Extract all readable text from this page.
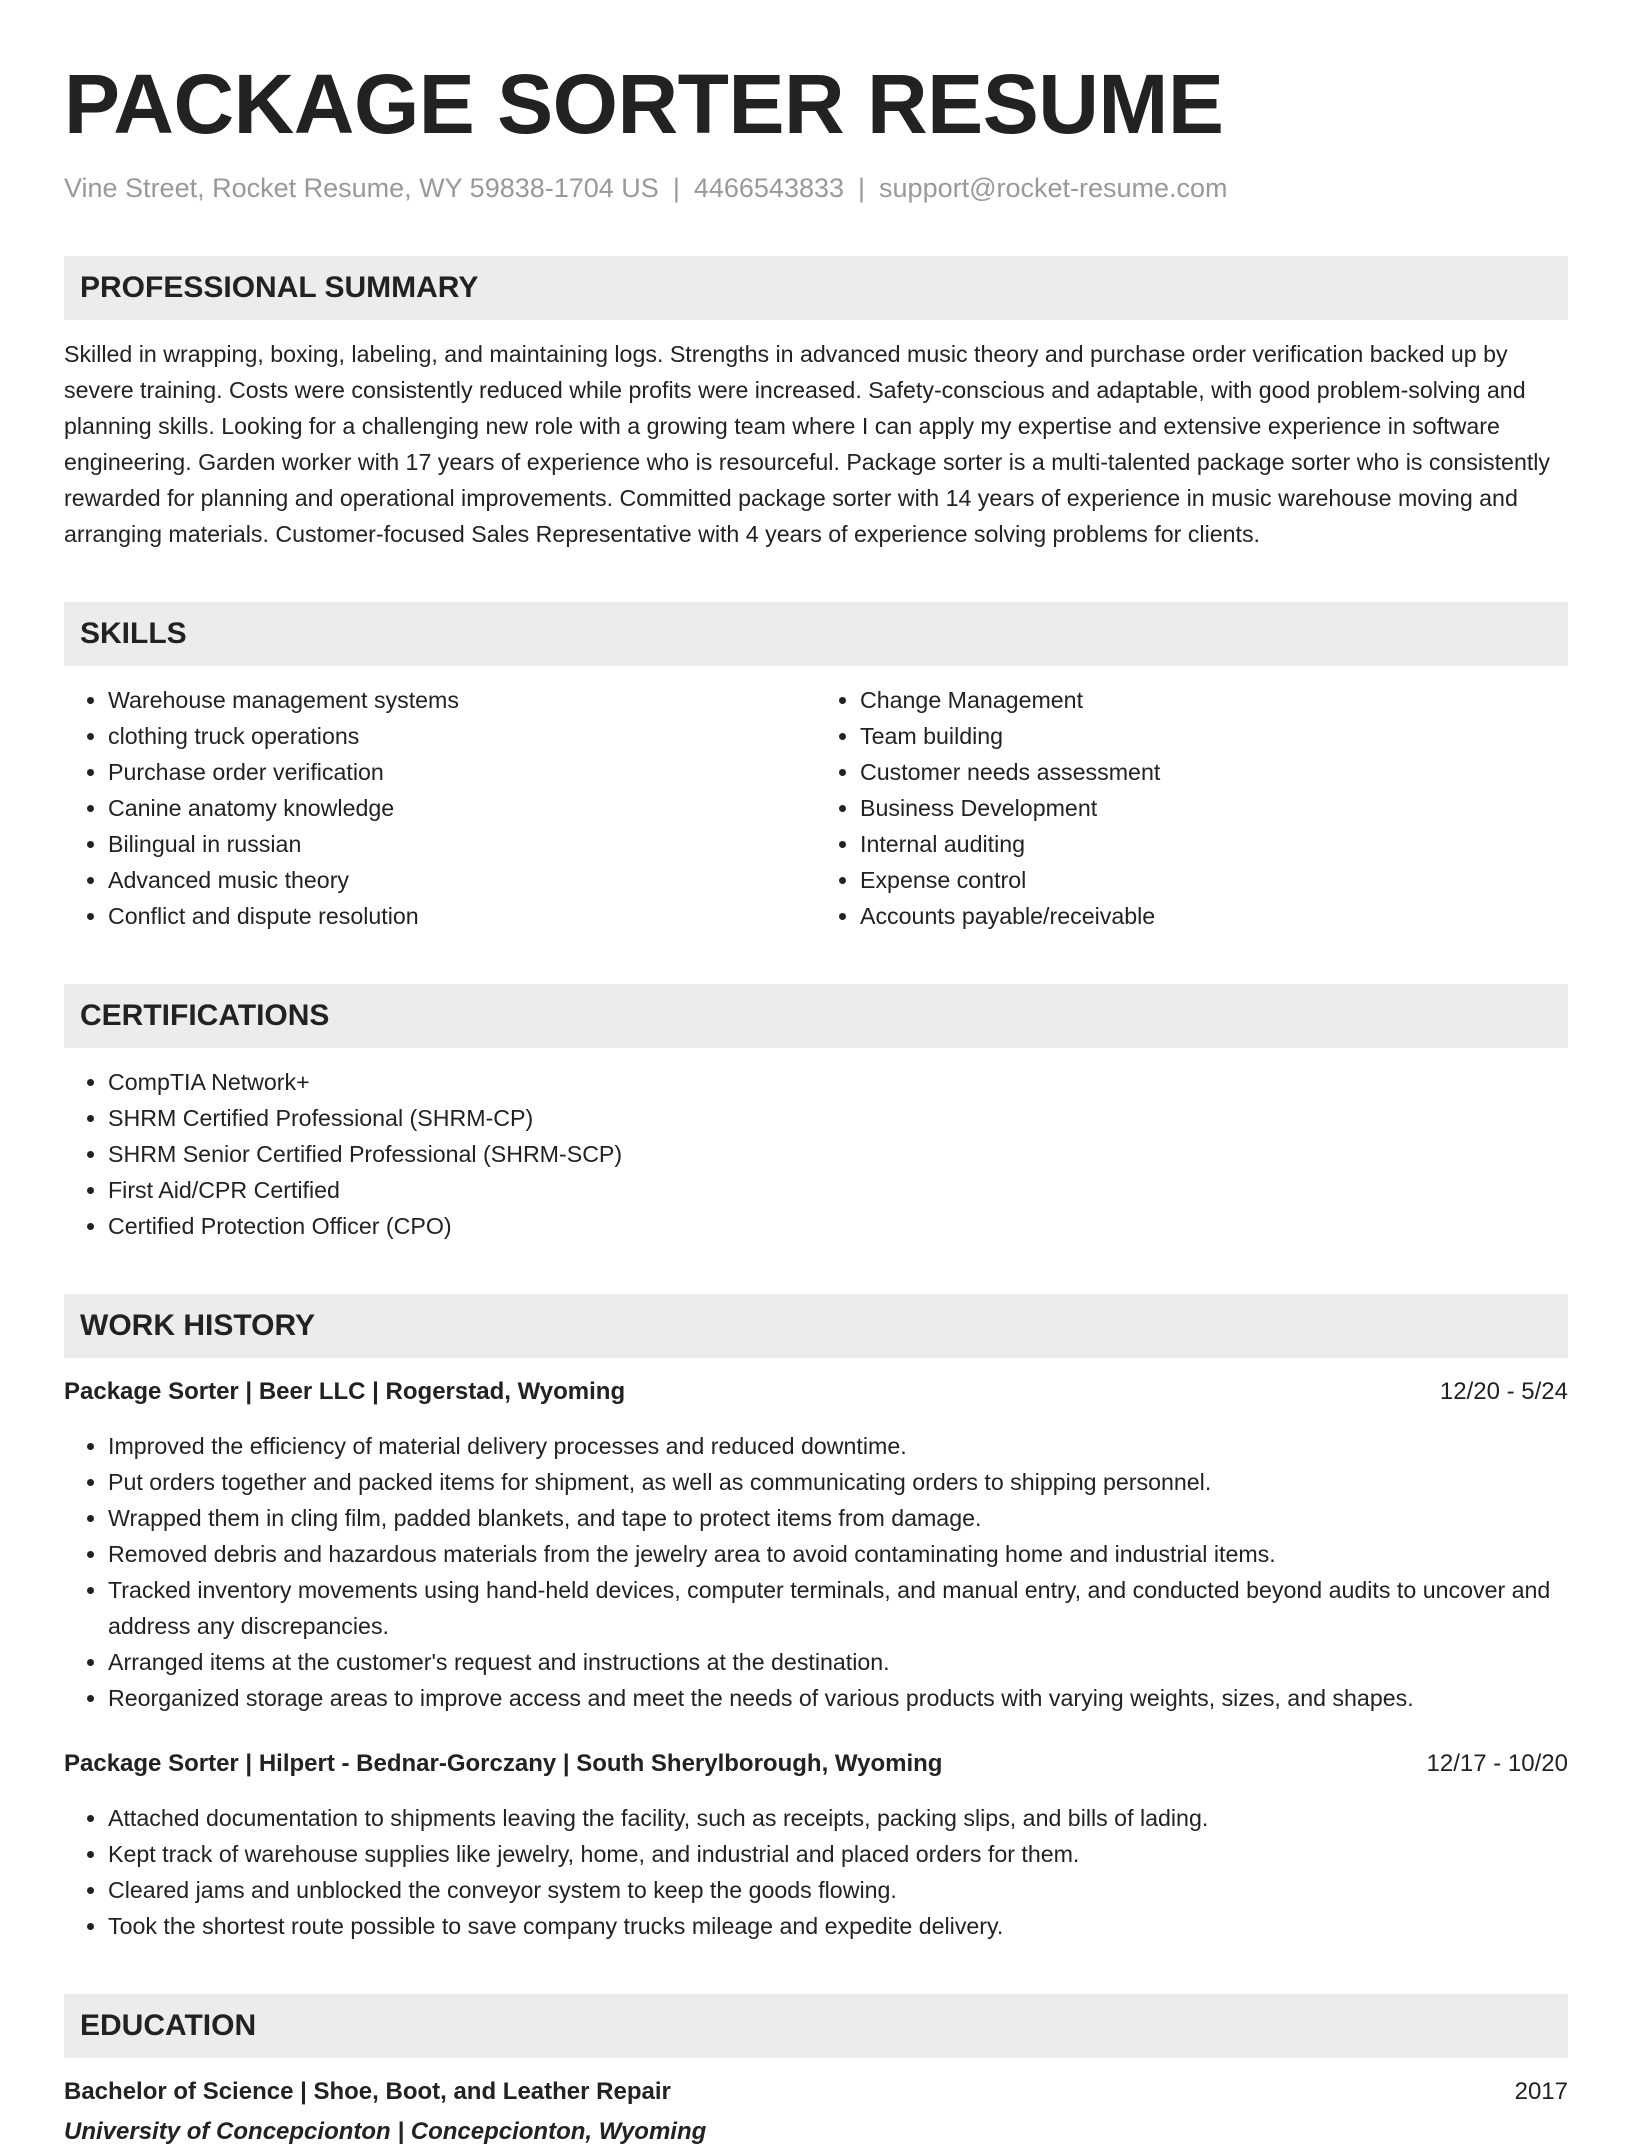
PACKAGE SORTER RESUME
Vine Street, Rocket Resume, WY 59838-1704 US | 4466543833 | support@rocket-resume.com
PROFESSIONAL SUMMARY
Skilled in wrapping, boxing, labeling, and maintaining logs. Strengths in advanced music theory and purchase order verification backed up by severe training. Costs were consistently reduced while profits were increased. Safety-conscious and adaptable, with good problem-solving and planning skills. Looking for a challenging new role with a growing team where I can apply my expertise and extensive experience in software engineering. Garden worker with 17 years of experience who is resourceful. Package sorter is a multi-talented package sorter who is consistently rewarded for planning and operational improvements. Committed package sorter with 14 years of experience in music warehouse moving and arranging materials. Customer-focused Sales Representative with 4 years of experience solving problems for clients.
SKILLS
• Warehouse management systems
• clothing truck operations
• Purchase order verification
• Canine anatomy knowledge
• Bilingual in russian
• Advanced music theory
• Conflict and dispute resolution
• Change Management
• Team building
• Customer needs assessment
• Business Development
• Internal auditing
• Expense control
• Accounts payable/receivable
CERTIFICATIONS
• CompTIA Network+
• SHRM Certified Professional (SHRM-CP)
• SHRM Senior Certified Professional (SHRM-SCP)
• First Aid/CPR Certified
• Certified Protection Officer (CPO)
WORK HISTORY
Package Sorter | Beer LLC | Rogerstad, Wyoming	12/20 - 5/24
• Improved the efficiency of material delivery processes and reduced downtime.
• Put orders together and packed items for shipment, as well as communicating orders to shipping personnel.
• Wrapped them in cling film, padded blankets, and tape to protect items from damage.
• Removed debris and hazardous materials from the jewelry area to avoid contaminating home and industrial items.
• Tracked inventory movements using hand-held devices, computer terminals, and manual entry, and conducted beyond audits to uncover and address any discrepancies.
• Arranged items at the customer's request and instructions at the destination.
• Reorganized storage areas to improve access and meet the needs of various products with varying weights, sizes, and shapes.
Package Sorter | Hilpert - Bednar-Gorczany | South Sherylborough, Wyoming	12/17 - 10/20
• Attached documentation to shipments leaving the facility, such as receipts, packing slips, and bills of lading.
• Kept track of warehouse supplies like jewelry, home, and industrial and placed orders for them.
• Cleared jams and unblocked the conveyor system to keep the goods flowing.
• Took the shortest route possible to save company trucks mileage and expedite delivery.
EDUCATION
Bachelor of Science | Shoe, Boot, and Leather Repair	2017
University of Concepcionton | Concepcionton, Wyoming
